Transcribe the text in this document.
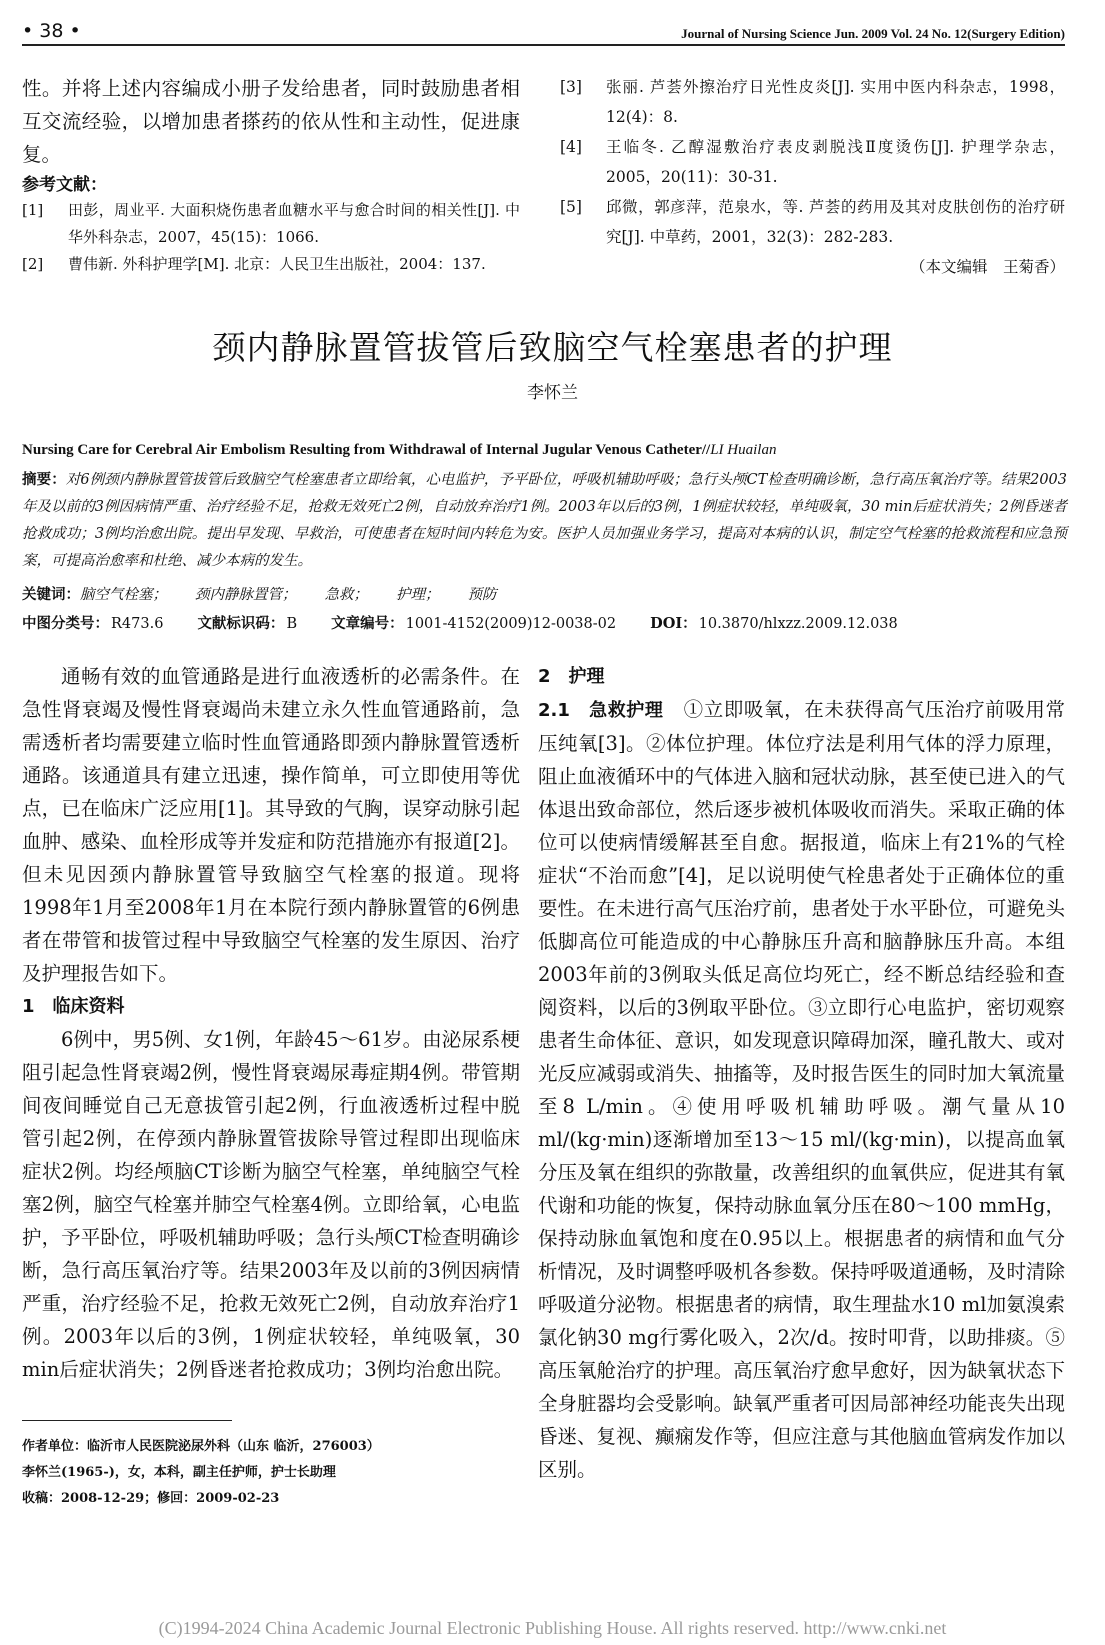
• 38 •	Journal of Nursing Science Jun. 2009 Vol. 24 No. 12(Surgery Edition)

性。并将上述内容编成小册子发给患者，同时鼓励患者相互交流经验，以增加患者搽药的依从性和主动性，促进康复。

参考文献：
[1]	田彭，周业平. 大面积烧伤患者血糖水平与愈合时间的相关性[J]. 中华外科杂志，2007，45(15)：1066.
[2]	曹伟新. 外科护理学[M]. 北京：人民卫生出版社，2004：137.
[3]	张丽. 芦荟外擦治疗日光性皮炎[J]. 实用中医内科杂志，1998，12(4)：8.
[4]	王临冬. 乙醇湿敷治疗表皮剥脱浅Ⅱ度烫伤[J]. 护理学杂志，2005，20(11)：30-31.
[5]	邱微，郭彦萍，范泉水，等. 芦荟的药用及其对皮肤创伤的治疗研究[J]. 中草药，2001，32(3)：282-283.
（本文编辑　王菊香）
颈内静脉置管拔管后致脑空气栓塞患者的护理
李怀兰
Nursing Care for Cerebral Air Embolism Resulting from Withdrawal of Internal Jugular Venous Catheter//LI Huailan
摘要：对6例颈内静脉置管拔管后致脑空气栓塞患者立即给氧，心电监护，予平卧位，呼吸机辅助呼吸；急行头颅CT检查明确诊断，急行高压氧治疗等。结果2003年及以前的3例因病情严重、治疗经验不足，抢救无效死亡2例，自动放弃治疗1例。2003年以后的3例，1例症状较轻，单纯吸氧，30 min后症状消失；2例昏迷者抢救成功；3例均治愈出院。提出早发现、早救治，可使患者在短时间内转危为安。医护人员加强业务学习，提高对本病的认识，制定空气栓塞的抢救流程和应急预案，可提高治愈率和杜绝、减少本病的发生。
关键词：脑空气栓塞； 颈内静脉置管； 急救； 护理； 预防
中图分类号： R473.6 文献标识码： B 文章编号： 1001-4152(2009)12-0038-02 DOI： 10.3870/hlxzz.2009.12.038

通畅有效的血管通路是进行血液透析的必需条件。在急性肾衰竭及慢性肾衰竭尚未建立永久性血管通路前，急需透析者均需要建立临时性血管通路即颈内静脉置管透析通路。该通道具有建立迅速，操作简单，可立即使用等优点，已在临床广泛应用[1]。其导致的气胸，误穿动脉引起血肿、感染、血栓形成等并发症和防范措施亦有报道[2]。但未见因颈内静脉置管导致脑空气栓塞的报道。现将1998年1月至2008年1月在本院行颈内静脉置管的6例患者在带管和拔管过程中导致脑空气栓塞的发生原因、治疗及护理报告如下。

1　临床资料

6例中，男5例、女1例，年龄45～61岁。由泌尿系梗阻引起急性肾衰竭2例，慢性肾衰竭尿毒症期4例。带管期间夜间睡觉自己无意拔管引起2例，行血液透析过程中脱管引起2例，在停颈内静脉置管拔除导管过程即出现临床症状2例。均经颅脑CT诊断为脑空气栓塞，单纯脑空气栓塞2例，脑空气栓塞并肺空气栓塞4例。立即给氧，心电监护，予平卧位，呼吸机辅助呼吸；急行头颅CT检查明确诊断，急行高压氧治疗等。结果2003年及以前的3例因病情严重，治疗经验不足，抢救无效死亡2例，自动放弃治疗1例。2003年以后的3例，1例症状较轻，单纯吸氧，30 min后症状消失；2例昏迷者抢救成功；3例均治愈出院。

2　护理

2.1　急救护理　 ①立即吸氧，在未获得高气压治疗前吸用常压纯氧[3]。②体位护理。体位疗法是利用气体的浮力原理，阻止血液循环中的气体进入脑和冠状动脉，甚至使已进入的气体退出致命部位，然后逐步被机体吸收而消失。采取正确的体位可以使病情缓解甚至自愈。据报道，临床上有21%的气栓症状“不治而愈”[4]，足以说明使气栓患者处于正确体位的重要性。在未进行高气压治疗前，患者处于水平卧位，可避免头低脚高位可能造成的中心静脉压升高和脑静脉压升高。本组2003年前的3例取头低足高位均死亡，经不断总结经验和查阅资料，以后的3例取平卧位。③立即行心电监护，密切观察患者生命体征、意识，如发现意识障碍加深，瞳孔散大、或对光反应减弱或消失、抽搐等，及时报告医生的同时加大氧流量至8 L/min。④使用呼吸机辅助呼吸。潮气量从10 ml/(kg·min)逐渐增加至13～15 ml/(kg·min)，以提高血氧分压及氧在组织的弥散量，改善组织的血氧供应，促进其有氧代谢和功能的恢复，保持动脉血氧分压在80～100 mmHg，保持动脉血氧饱和度在0.95以上。根据患者的病情和血气分析情况，及时调整呼吸机各参数。保持呼吸道通畅，及时清除呼吸道分泌物。根据患者的病情，取生理盐水10 ml加氨溴索氯化钠30 mg行雾化吸入，2次/d。按时叩背，以助排痰。⑤高压氧舱治疗的护理。高压氧治疗愈早愈好，因为缺氧状态下全身脏器均会受影响。缺氧严重者可因局部神经功能丧失出现昏迷、复视、癫痫发作等，但应注意与其他脑血管病发作加以区别。

作者单位：临沂市人民医院泌尿外科（山东 临沂，276003）
李怀兰(1965-)，女，本科，副主任护师，护士长助理
收稿：2008-12-29；修回：2009-02-23
(C)1994-2024 China Academic Journal Electronic Publishing House. All rights reserved. http://www.cnki.net
